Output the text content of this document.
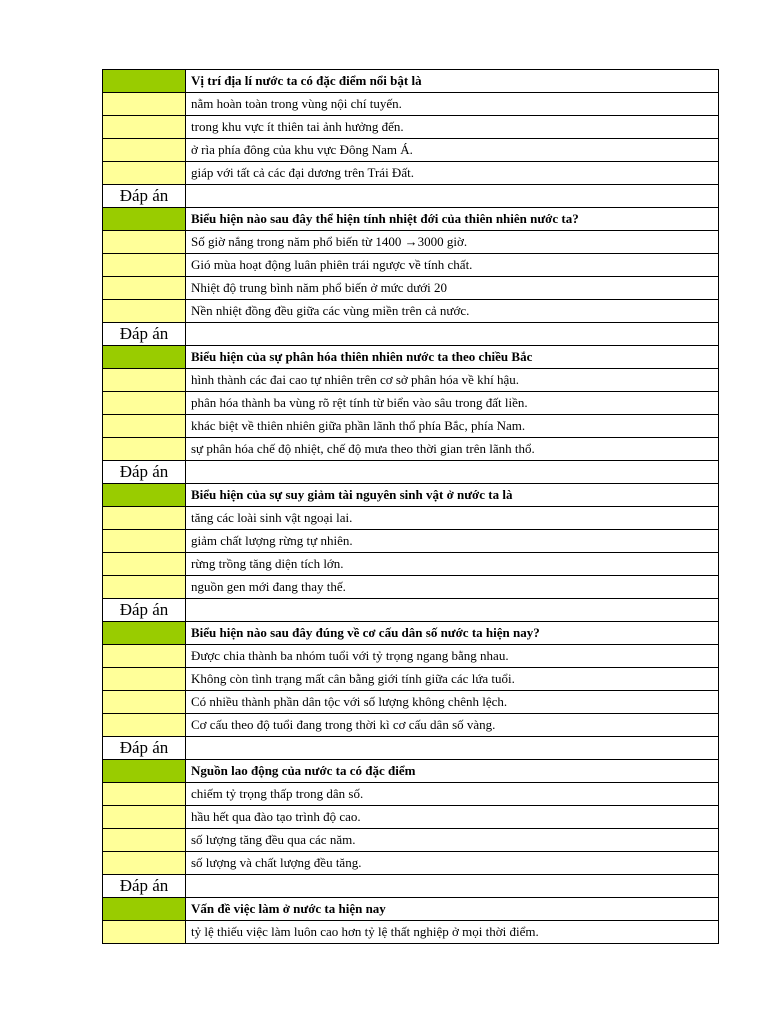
	Vị trí địa lí nước ta có đặc điểm nổi bật là
	nằm hoàn toàn trong vùng nội chí tuyến.
	trong khu vực ít thiên tai ảnh hưởng đến.
	ở rìa phía đông của khu vực Đông Nam Á.
	giáp với tất cả các đại dương trên Trái Đất.
Đáp án	
	Biểu hiện nào sau đây thể hiện tính nhiệt đới của thiên nhiên nước ta?
	Số giờ nắng trong năm phổ biến từ 1400 →3000 giờ.
	Gió mùa hoạt động luân phiên trái ngược về tính chất.
	Nhiệt độ trung bình năm phổ biến ở mức dưới 20
	Nền nhiệt đồng đều giữa các vùng miền trên cả nước.
Đáp án	
	Biểu hiện của sự phân hóa thiên nhiên nước ta theo chiều Bắc
	hình thành các đai cao tự nhiên trên cơ sở phân hóa về khí hậu.
	phân hóa thành ba vùng rõ rệt tính từ biển vào sâu trong đất liền.
	khác biệt về thiên nhiên giữa phần lãnh thổ phía Bắc, phía Nam.
	sự phân hóa chế độ nhiệt, chế độ mưa theo thời gian trên lãnh thổ.
Đáp án	
	Biểu hiện của sự suy giảm tài nguyên sinh vật ở nước ta là
	tăng các loài sinh vật ngoại lai.
	giảm chất lượng rừng tự nhiên.
	rừng trồng tăng diện tích lớn.
	nguồn gen mới đang thay thế.
Đáp án	
	Biểu hiện nào sau đây đúng về cơ cấu dân số nước ta hiện nay?
	Được chia thành ba nhóm tuổi với tỷ trọng ngang bằng nhau.
	Không còn tình trạng mất cân bằng giới tính giữa các lứa tuổi.
	Có nhiều thành phần dân tộc với số lượng không chênh lệch.
	Cơ cấu theo độ tuổi đang trong thời kì cơ cấu dân số vàng.
Đáp án	
	Nguồn lao động của nước ta có đặc điểm
	chiếm tỷ trọng thấp trong dân số.
	hầu hết qua đào tạo trình độ cao.
	số lượng tăng đều qua các năm.
	số lượng và chất lượng đều tăng.
Đáp án	
	Vấn đề việc làm ở nước ta hiện nay
	tỷ lệ thiếu việc làm luôn cao hơn tỷ lệ thất nghiệp ở mọi thời điểm.
